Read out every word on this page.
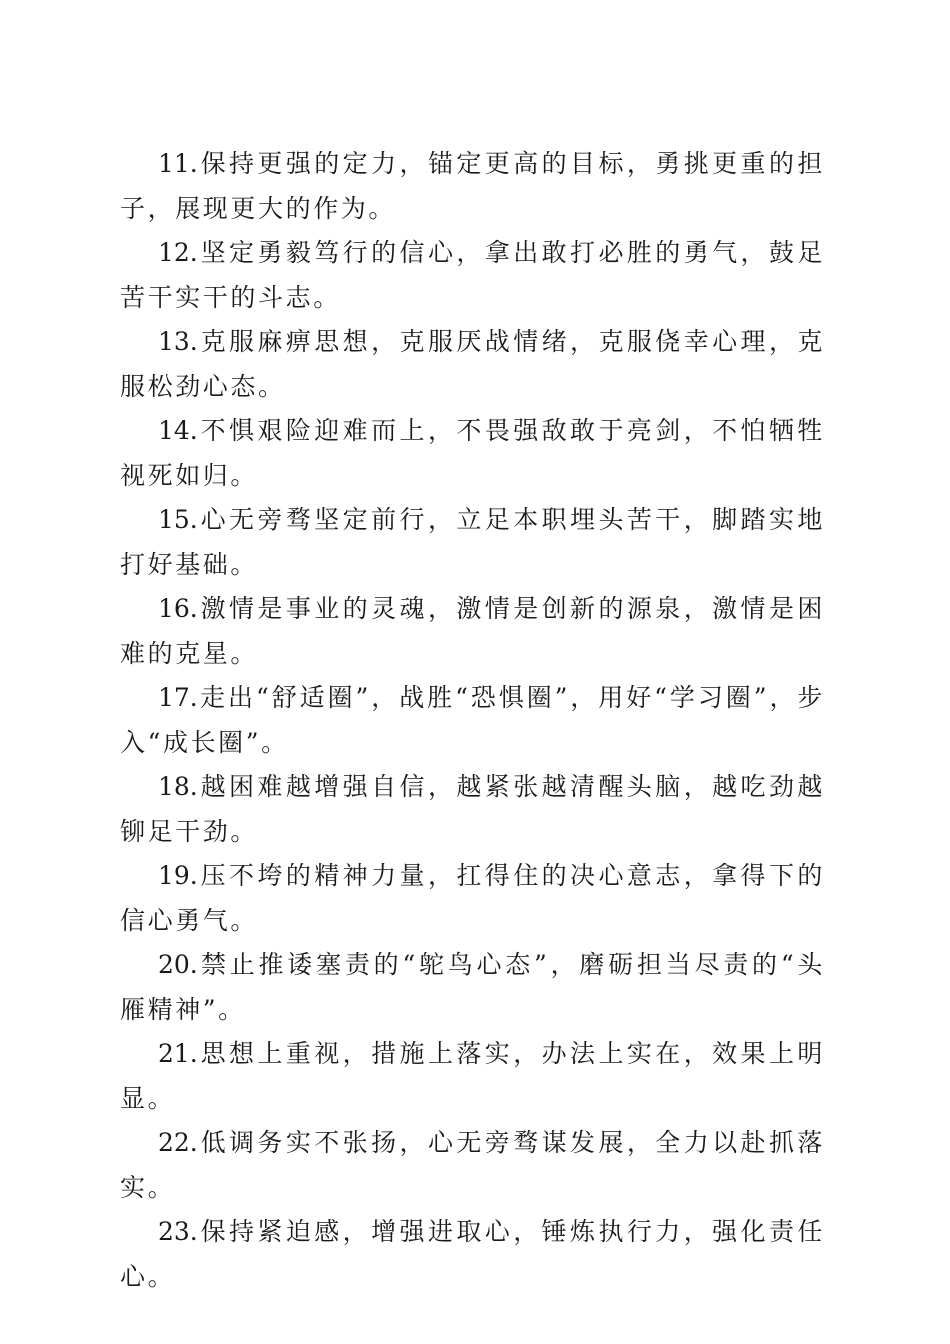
11.保持更强的定力，锚定更高的目标，勇挑更重的担子，展现更大的作为。

12.坚定勇毅笃行的信心，拿出敢打必胜的勇气，鼓足苦干实干的斗志。

13.克服麻痹思想，克服厌战情绪，克服侥幸心理，克服松劲心态。

14.不惧艰险迎难而上，不畏强敌敢于亮剑，不怕牺牲视死如归。

15.心无旁骛坚定前行，立足本职埋头苦干，脚踏实地打好基础。

16.激情是事业的灵魂，激情是创新的源泉，激情是困难的克星。

17.走出“舒适圈”，战胜“恐惧圈”，用好“学习圈”，步入“成长圈”。

18.越困难越增强自信，越紧张越清醒头脑，越吃劲越铆足干劲。

19.压不垮的精神力量，扛得住的决心意志，拿得下的信心勇气。

20.禁止推诿塞责的“鸵鸟心态”，磨砺担当尽责的“头雁精神”。

21.思想上重视，措施上落实，办法上实在，效果上明显。

22.低调务实不张扬，心无旁骛谋发展，全力以赴抓落实。

23.保持紧迫感，增强进取心，锤炼执行力，强化责任心。
